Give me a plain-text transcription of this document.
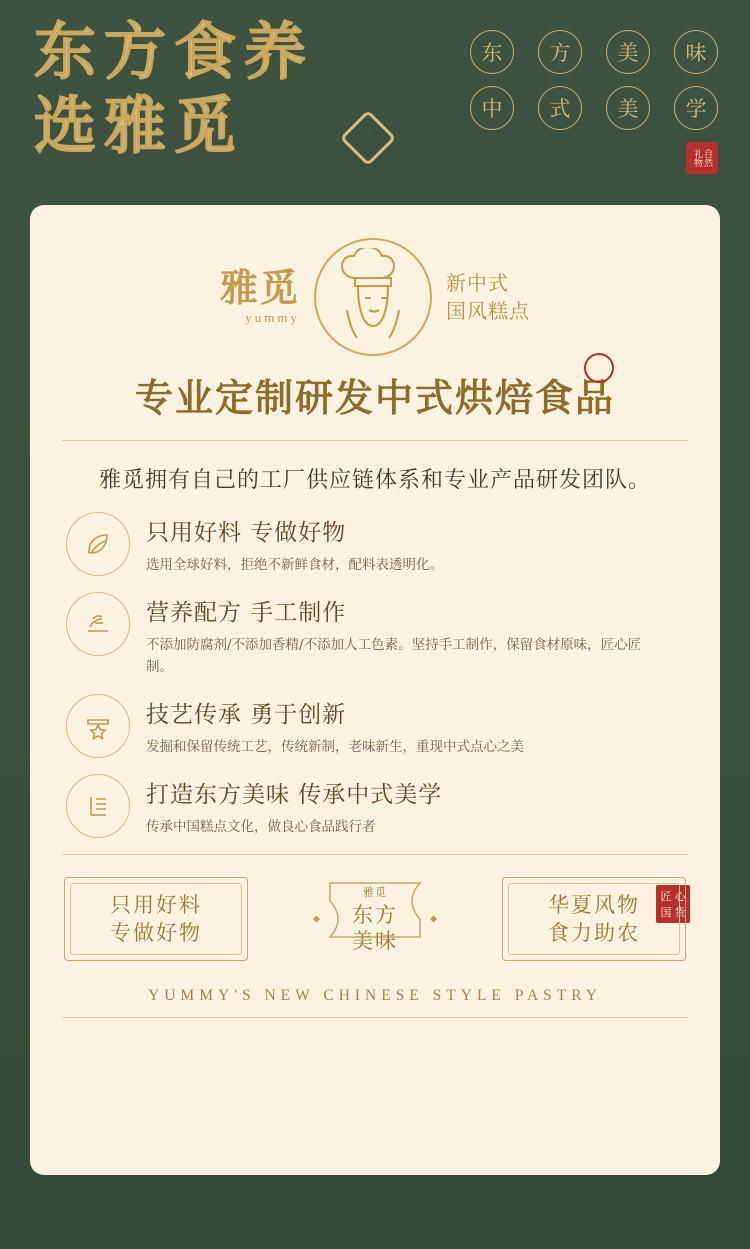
东方食养
选雅觅
东	方	美	味
中	式	美	学
自然礼物
雅觅
yummy
新中式
国风糕点
专业定制研发中式烘焙食品
雅觅拥有自己的工厂供应链体系和专业产品研发团队。
只用好料 专做好物
选用全球好料，拒绝不新鲜食材，配料表透明化。
营养配方 手工制作
不添加防腐剂/不添加香精/不添加人工色素。坚持手工制作，保留食材原味，匠心匠制。
技艺传承 勇于创新
发掘和保留传统工艺，传统新制，老味新生，重现中式点心之美
打造东方美味 传承中式美学
传承中国糕点文化，做良心食品践行者
匠 心
国 货
只用好料
专做好物
雅觅
东方
美味
华夏风物
食力助农
YUMMY'S NEW CHINESE STYLE PASTRY
